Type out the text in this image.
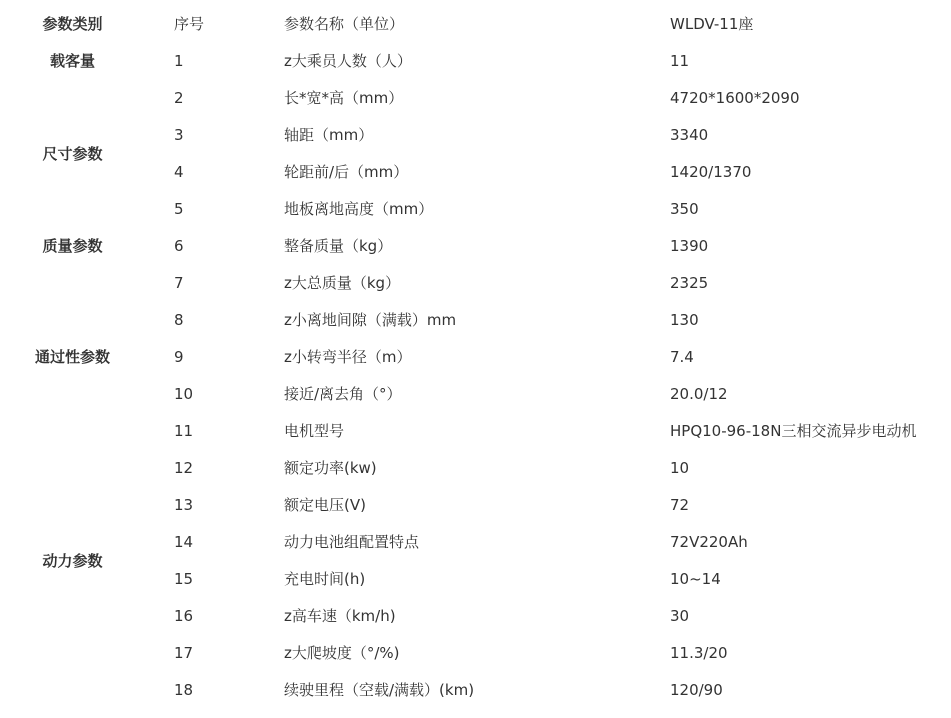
参数类别	序号	参数名称（单位）	WLDV-11座
载客量	1	z大乘员人数（人）	11
尺寸参数	2	长*宽*高（mm）	4720*1600*2090
	3	轴距（mm）	3340
	4	轮距前/后（mm）	1420/1370
	5	地板离地高度（mm）	350
质量参数	6	整备质量（kg）	1390
	7	z大总质量（kg）	2325
通过性参数	8	z小离地间隙（满载）mm	130
	9	z小转弯半径（m）	7.4
	10	接近/离去角（°）	20.0/12
动力参数	11	电机型号	HPQ10-96-18N三相交流异步电动机
	12	额定功率(kw)	10
	13	额定电压(V)	72
	14	动力电池组配置特点	72V220Ah
	15	充电时间(h)	10~14
	16	z高车速（km/h)	30
	17	z大爬坡度（°/%)	11.3/20
	18	续驶里程（空载/满载）(km)	120/90
